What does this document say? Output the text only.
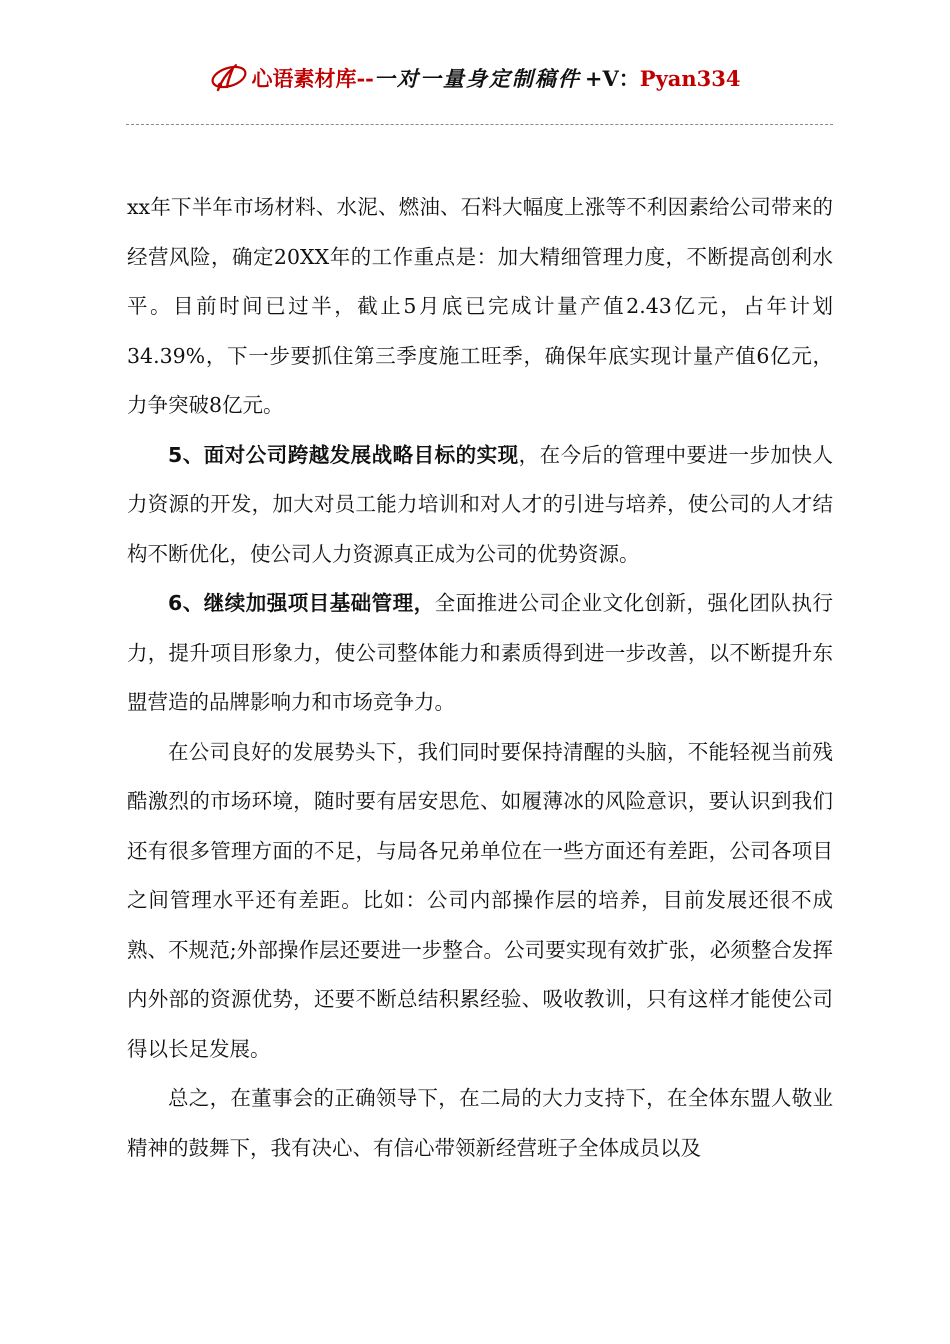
心语素材库 -- 一对一量身定制稿件 +V： Pyan334

xx年下半年市场材料、水泥、燃油、石料大幅度上涨等不利因素给公司带来的经营风险，确定20XX年的工作重点是：加大精细管理力度，不断提高创利水平。目前时间已过半，截止5月底已完成计量产值2.43亿元，占年计划34.39%，下一步要抓住第三季度施工旺季，确保年底实现计量产值6亿元，力争突破8亿元。

5、面对公司跨越发展战略目标的实现，在今后的管理中要进一步加快人力资源的开发，加大对员工能力培训和对人才的引进与培养，使公司的人才结构不断优化，使公司人力资源真正成为公司的优势资源。

6、继续加强项目基础管理，全面推进公司企业文化创新，强化团队执行力，提升项目形象力，使公司整体能力和素质得到进一步改善，以不断提升东盟营造的品牌影响力和市场竞争力。

在公司良好的发展势头下，我们同时要保持清醒的头脑，不能轻视当前残酷激烈的市场环境，随时要有居安思危、如履薄冰的风险意识，要认识到我们还有很多管理方面的不足，与局各兄弟单位在一些方面还有差距，公司各项目之间管理水平还有差距。比如：公司内部操作层的培养，目前发展还很不成熟、不规范;外部操作层还要进一步整合。公司要实现有效扩张，必须整合发挥内外部的资源优势，还要不断总结积累经验、吸收教训，只有这样才能使公司得以长足发展。

总之，在董事会的正确领导下，在二局的大力支持下，在全体东盟人敬业精神的鼓舞下，我有决心、有信心带领新经营班子全体成员以及
